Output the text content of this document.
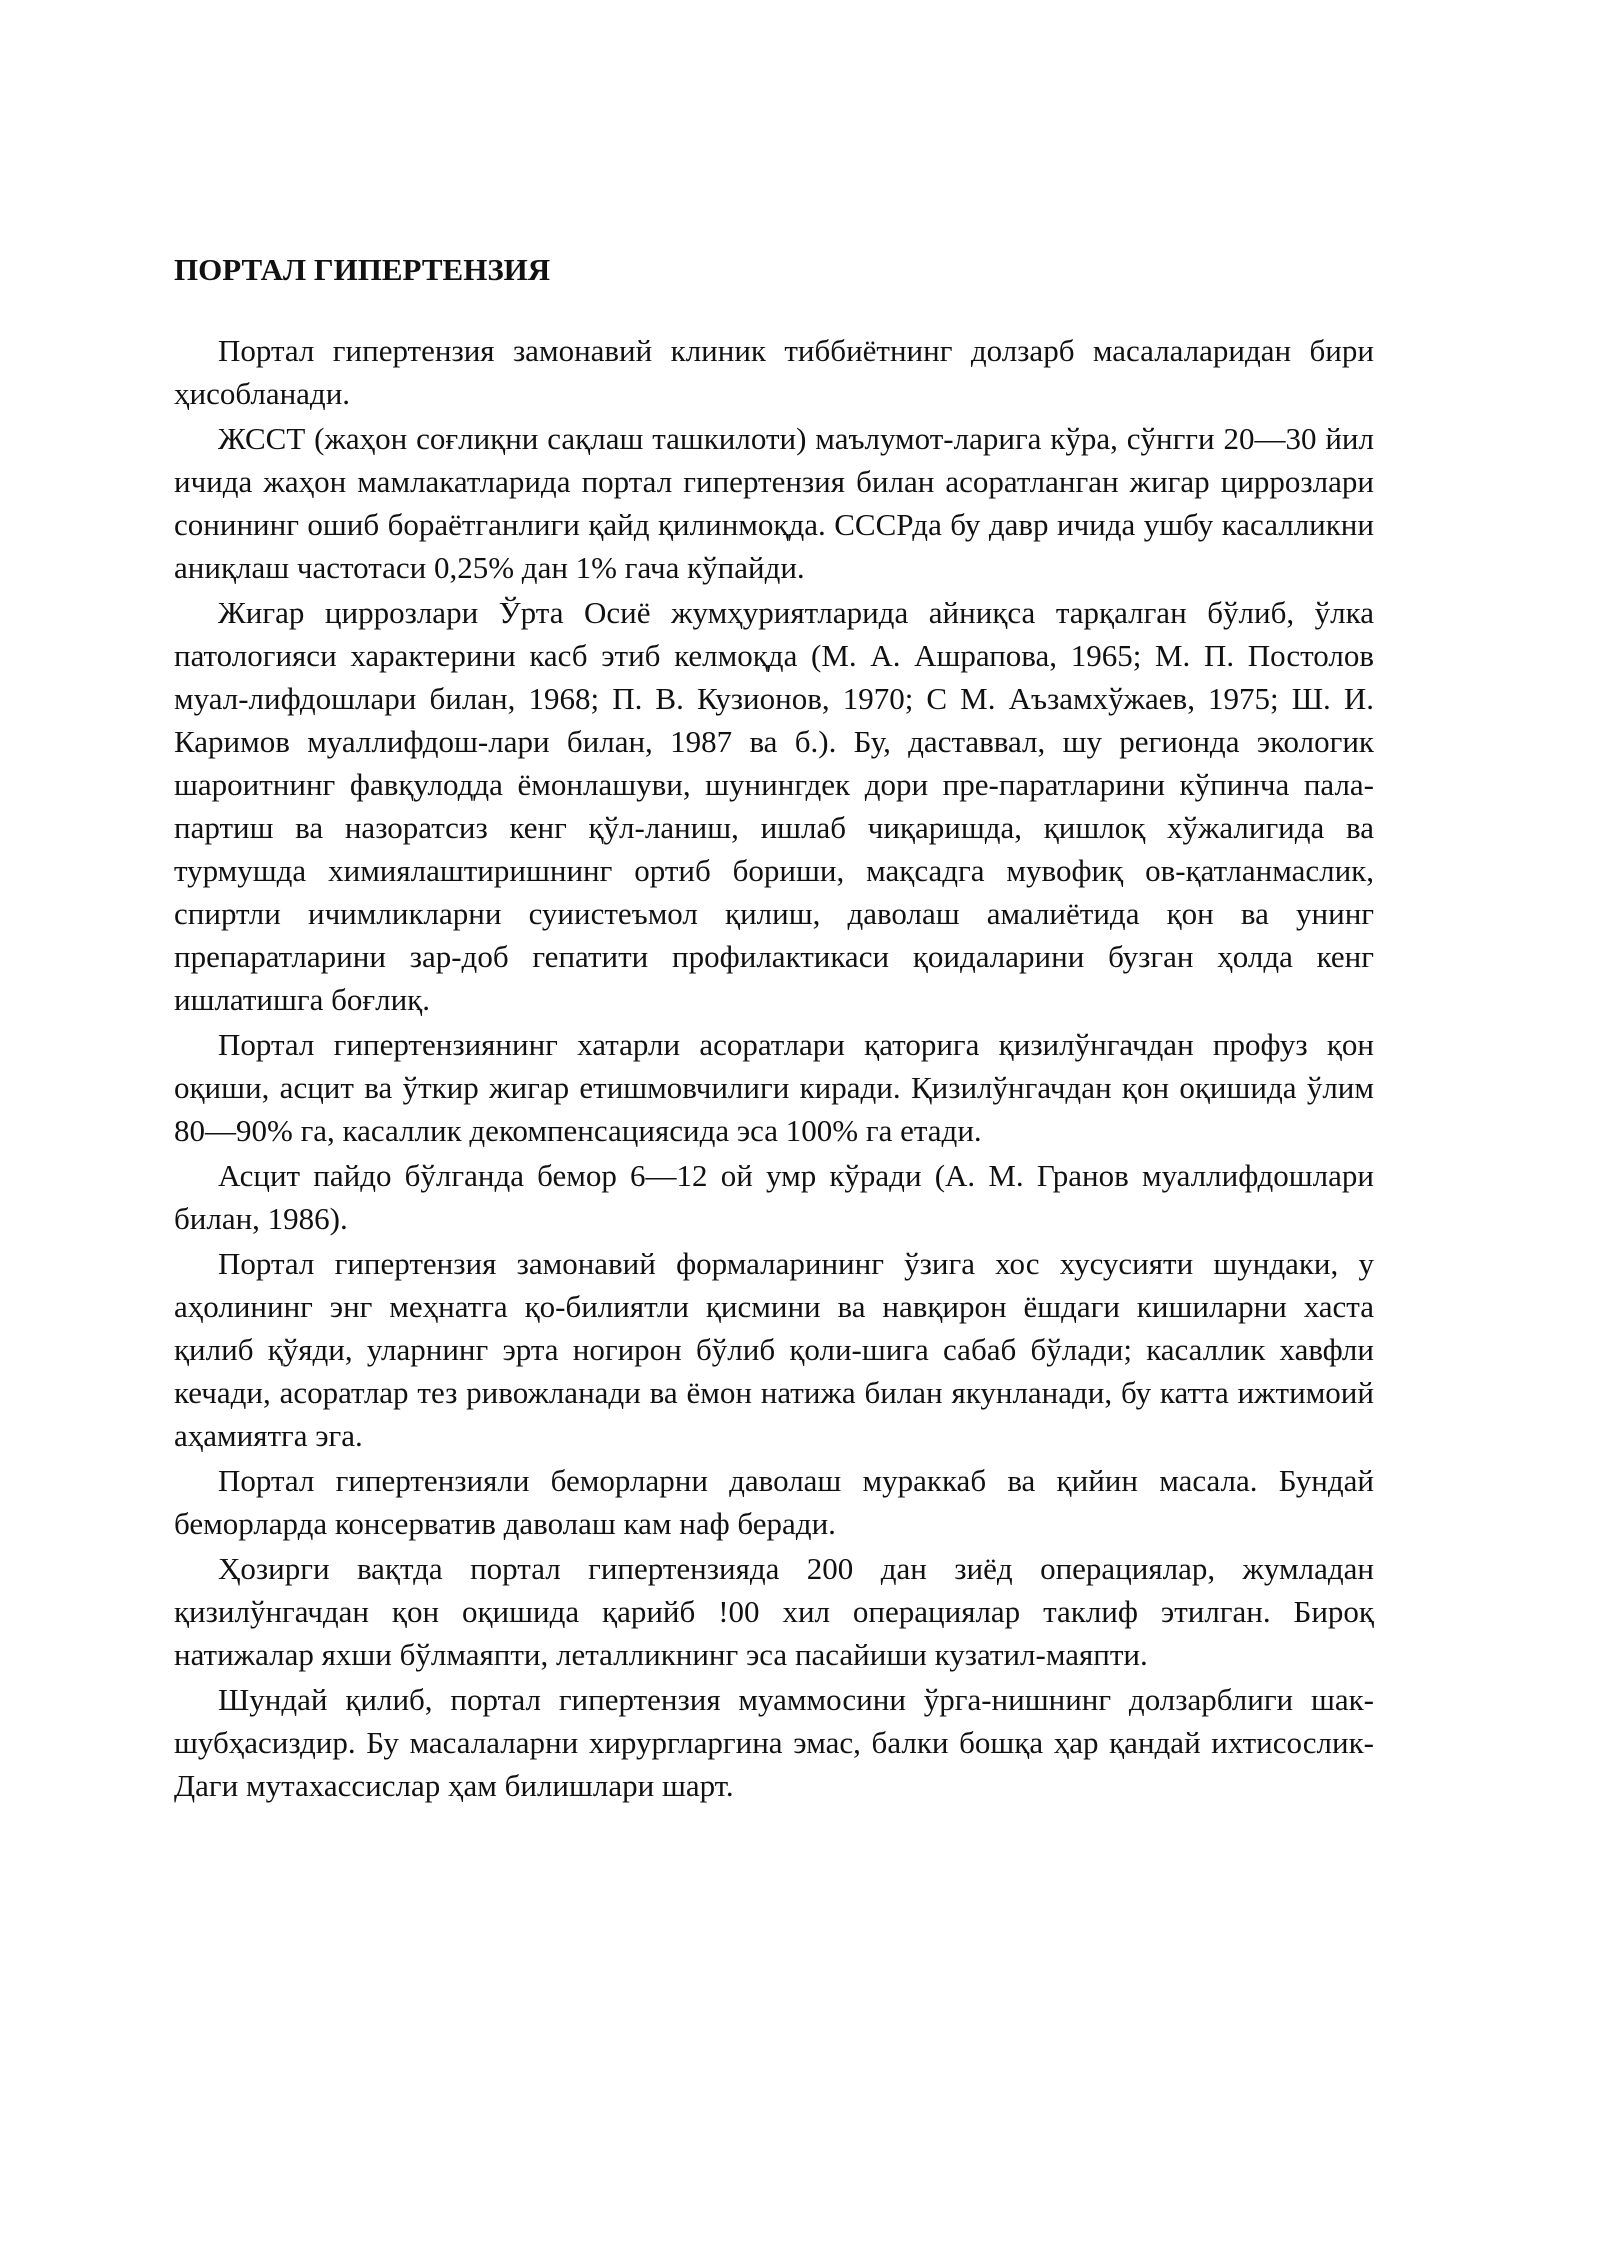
ПОРТАЛ ГИПЕРТЕНЗИЯ

Портал гипертензия замонавий клиник тиббиётнинг долзарб масалаларидан бири ҳисобланади.

ЖССТ (жаҳон соғлиқни сақлаш ташкилоти) маълумот-ларига кўра, сўнгги 20—30 йил ичида жаҳон мамлакатларида портал гипертензия билан асоратланган жигар циррозлари сонининг ошиб бораётганлиги қайд қилинмоқда. СССРда бу давр ичида ушбу касалликни аниқлаш частотаси 0,25% дан 1% гача кўпайди.

Жигар циррозлари Ўрта Осиё жумҳуриятларида айниқса тарқалган бўлиб, ўлка патологияси характерини касб этиб келмоқда (М. А. Ашрапова, 1965; М. П. Постолов муал-лифдошлари билан, 1968; П. В. Кузионов, 1970; С М. Аъзамхўжаев, 1975; Ш. И. Каримов муаллифдош-лари билан, 1987 ва б.). Бу, даставвал, шу регионда экологик шароитнинг фавқулодда ёмонлашуви, шунингдек дори пре-паратларини кўпинча пала-партиш ва назоратсиз кенг қўл-ланиш, ишлаб чиқаришда, қишлоқ хўжалигида ва турмушда химиялаштиришнинг ортиб бориши, мақсадга мувофиқ ов-қатланмаслик, спиртли ичимликларни суиистеъмол қилиш, даволаш амалиётида қон ва унинг препаратларини зар-доб гепатити профилактикаси қоидаларини бузган ҳолда кенг ишлатишга боғлиқ.

Портал гипертензиянинг хатарли асоратлари қаторига қизилўнгачдан профуз қон оқиши, асцит ва ўткир жигар етишмовчилиги киради. Қизилўнгачдан қон оқишида ўлим 80—90% га, касаллик декомпенсациясида эса 100% га етади.

Асцит пайдо бўлганда бемор 6—12 ой умр кўради (А. М. Гранов муаллифдошлари билан, 1986).

Портал гипертензия замонавий формаларининг ўзига хос хусусияти шундаки, у аҳолининг энг меҳнатга қо-билиятли қисмини ва навқирон ёшдаги кишиларни хаста қилиб қўяди, уларнинг эрта ногирон бўлиб қоли-шига сабаб бўлади; касаллик хавфли кечади, асоратлар тез ривожланади ва ёмон натижа билан якунланади, бу катта ижтимоий аҳамиятга эга.

Портал гипертензияли беморларни даволаш мураккаб ва қийин масала. Бундай беморларда консерватив даволаш кам наф беради.

Ҳозирги вақтда портал гипертензияда 200 дан зиёд операциялар, жумладан қизилўнгачдан қон оқишида қарийб !00 хил операциялар таклиф этилган. Бироқ натижалар яхши бўлмаяпти, леталликнинг эса пасайиши кузатил-маяпти.

Шундай қилиб, портал гипертензия муаммосини ўрга-нишнинг долзарблиги шак-шубҳасиздир. Бу масалаларни хирургларгина эмас, балки бошқа ҳар қандай ихтисослик-Даги мутахассислар ҳам билишлари шарт.
